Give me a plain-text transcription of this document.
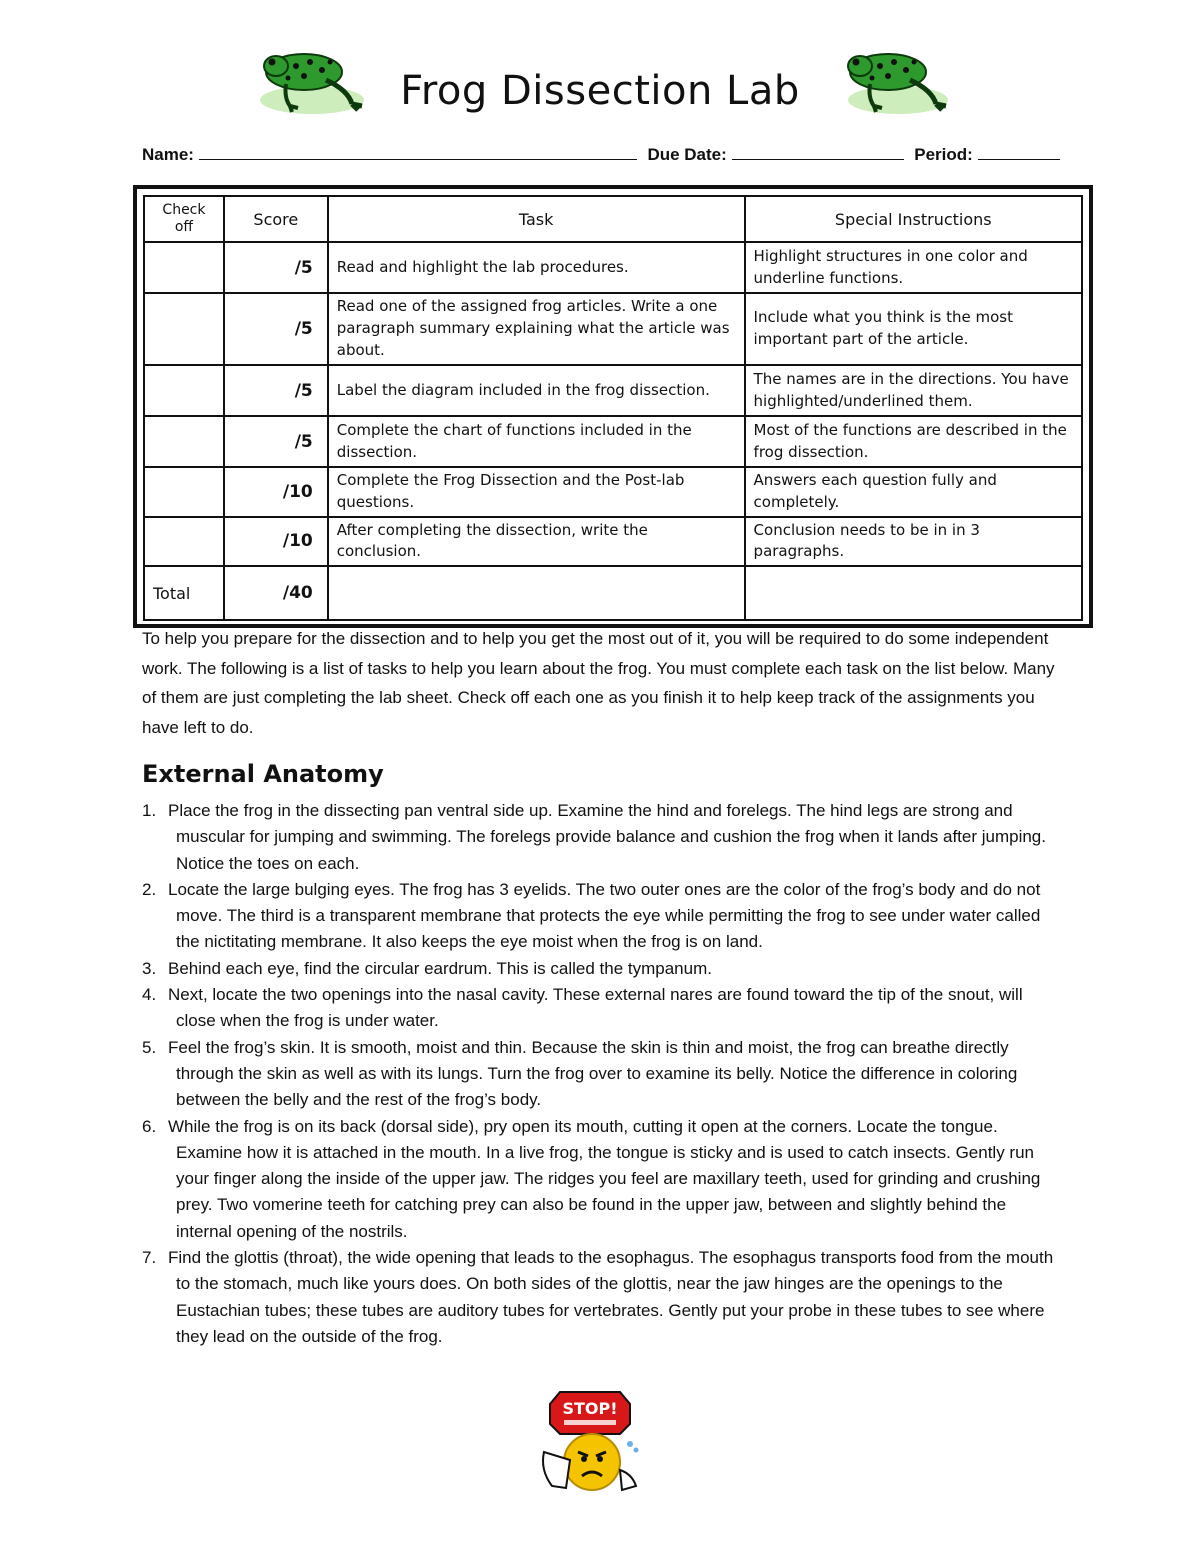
Frog Dissection Lab
Name:	Due Date:	Period:
Check off	Score	Task	Special Instructions
	/5	Read and highlight the lab procedures.	Highlight structures in one color and underline functions.
	/5	Read one of the assigned frog articles. Write a one paragraph summary explaining what the article was about.	Include what you think is the most important part of the article.
	/5	Label the diagram included in the frog dissection.	The names are in the directions. You have highlighted/underlined them.
	/5	Complete the chart of functions included in the dissection.	Most of the functions are described in the frog dissection.
	/10	Complete the Frog Dissection and the Post-lab questions.	Answers each question fully and completely.
	/10	After completing the dissection, write the conclusion.	Conclusion needs to be in in 3 paragraphs.
Total	/40		
To help you prepare for the dissection and to help you get the most out of it, you will be required to do some independent work. The following is a list of tasks to help you learn about the frog. You must complete each task on the list below. Many of them are just completing the lab sheet. Check off each one as you finish it to help keep track of the assignments you have left to do.
External Anatomy
1. Place the frog in the dissecting pan ventral side up. Examine the hind and forelegs. The hind legs are strong and muscular for jumping and swimming. The forelegs provide balance and cushion the frog when it lands after jumping. Notice the toes on each.
2. Locate the large bulging eyes. The frog has 3 eyelids. The two outer ones are the color of the frog’s body and do not move. The third is a transparent membrane that protects the eye while permitting the frog to see under water called the nictitating membrane. It also keeps the eye moist when the frog is on land.
3. Behind each eye, find the circular eardrum. This is called the tympanum.
4. Next, locate the two openings into the nasal cavity. These external nares are found toward the tip of the snout, will close when the frog is under water.
5. Feel the frog’s skin. It is smooth, moist and thin. Because the skin is thin and moist, the frog can breathe directly through the skin as well as with its lungs. Turn the frog over to examine its belly. Notice the difference in coloring between the belly and the rest of the frog’s body.
6. While the frog is on its back (dorsal side), pry open its mouth, cutting it open at the corners. Locate the tongue. Examine how it is attached in the mouth. In a live frog, the tongue is sticky and is used to catch insects. Gently run your finger along the inside of the upper jaw. The ridges you feel are maxillary teeth, used for grinding and crushing prey. Two vomerine teeth for catching prey can also be found in the upper jaw, between and slightly behind the internal opening of the nostrils.
7. Find the glottis (throat), the wide opening that leads to the esophagus. The esophagus transports food from the mouth to the stomach, much like yours does. On both sides of the glottis, near the jaw hinges are the openings to the Eustachian tubes; these tubes are auditory tubes for vertebrates. Gently put your probe in these tubes to see where they lead on the outside of the frog.
STOP!
